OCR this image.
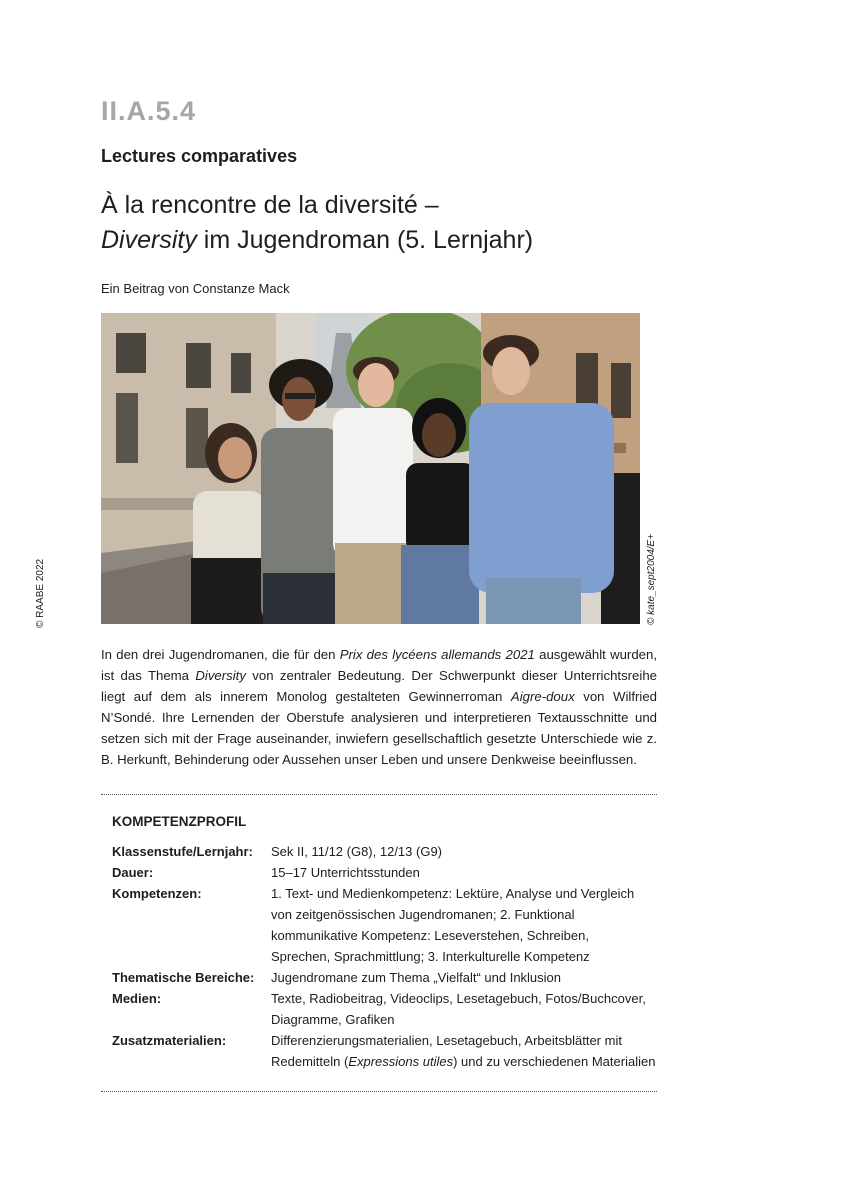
II.A.5.4
Lectures comparatives
À la rencontre de la diversité –
Diversity im Jugendroman (5. Lernjahr)
Ein Beitrag von Constanze Mack
© RAABE 2022	© kate_sept2004/E+

In den drei Jugendromanen, die für den Prix des lycéens allemands 2021 ausgewählt wurden, ist das Thema Diversity von zentraler Bedeutung. Der Schwerpunkt dieser Unterrichtsreihe liegt auf dem als innerem Monolog gestalteten Gewinnerroman Aigre-doux von Wilfried N’Sondé. Ihre Lernenden der Oberstufe analysieren und interpretieren Textausschnitte und setzen sich mit der Frage auseinander, inwiefern gesellschaftlich gesetzte Unterschiede wie z. B. Herkunft, Behinderung oder Aussehen unser Leben und unsere Denkweise beeinflussen.

KOMPETENZPROFIL
Klassenstufe/Lernjahr:	Sek II, 11/12 (G8), 12/13 (G9)
Dauer:	15–17 Unterrichtsstunden
Kompetenzen:	1. Text- und Medienkompetenz: Lektüre, Analyse und Vergleich von zeitgenössischen Jugendromanen; 2. Funktional kommunikative Kompetenz: Leseverstehen, Schreiben, Sprechen, Sprachmittlung; 3. Interkulturelle Kompetenz
Thematische Bereiche:	Jugendromane zum Thema „Vielfalt“ und Inklusion
Medien:	Texte, Radiobeitrag, Videoclips, Lesetagebuch, Fotos/Buchcover, Diagramme, Grafiken
Zusatzmaterialien:	Differenzierungsmaterialien, Lesetagebuch, Arbeitsblätter mit Redemitteln (Expressions utiles) und zu verschiedenen Materialien
